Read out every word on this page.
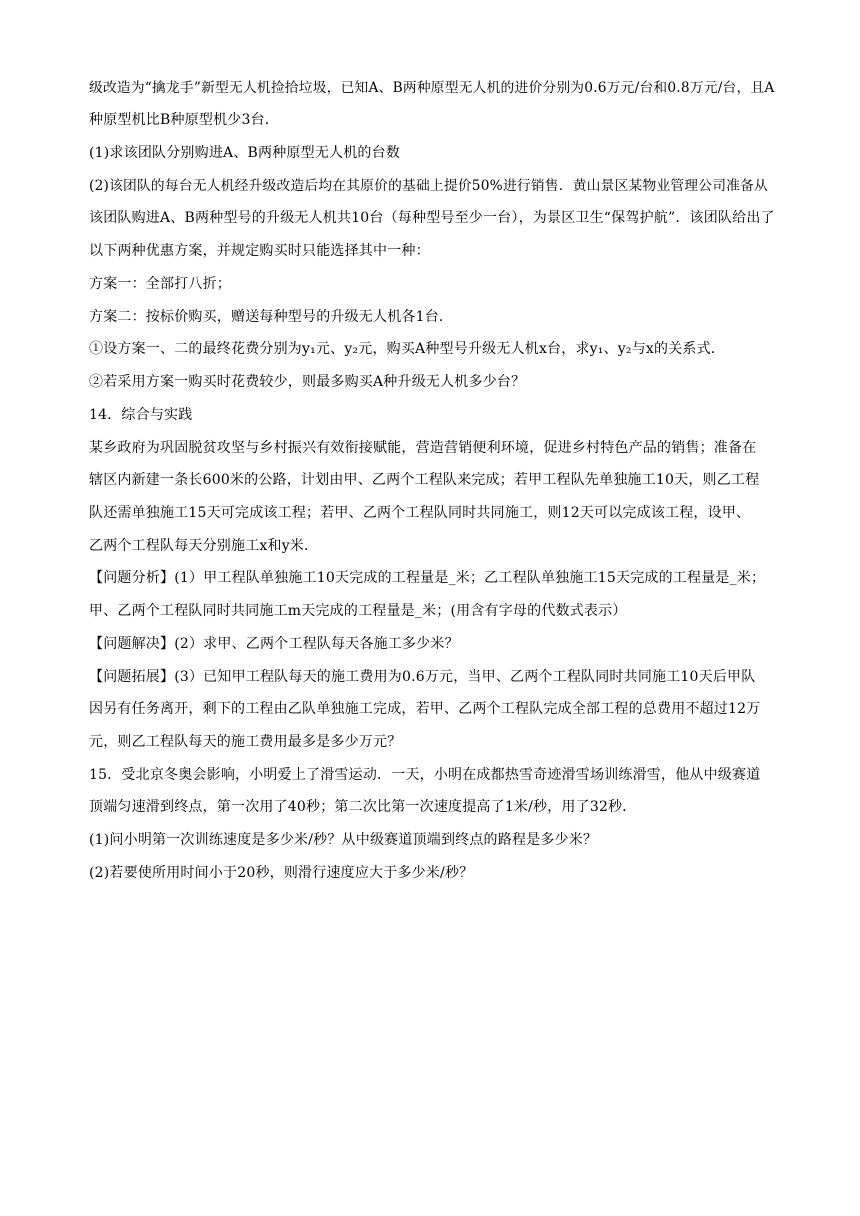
级改造为“擒龙手”新型无人机捡拾垃圾，已知A、B两种原型无人机的进价分别为0.6万元/台和0.8万元/台，且A
种原型机比B种原型机少3台．
(1)求该团队分别购进A、B两种原型无人机的台数
(2)该团队的每台无人机经升级改造后均在其原价的基础上提价50%进行销售．黄山景区某物业管理公司准备从
该团队购进A、B两种型号的升级无人机共10台（每种型号至少一台），为景区卫生“保驾护航”．该团队给出了
以下两种优惠方案，并规定购买时只能选择其中一种：
方案一：全部打八折；
方案二：按标价购买，赠送每种型号的升级无人机各1台．
①设方案一、二的最终花费分别为y₁元、y₂元，购买A种型号升级无人机x台，求y₁、y₂与x的关系式．
②若采用方案一购买时花费较少，则最多购买A种升级无人机多少台？
14．综合与实践
某乡政府为巩固脱贫攻坚与乡村振兴有效衔接赋能，营造营销便利环境，促进乡村特色产品的销售；准备在
辖区内新建一条长600米的公路，计划由甲、乙两个工程队来完成；若甲工程队先单独施工10天，则乙工程
队还需单独施工15天可完成该工程；若甲、乙两个工程队同时共同施工，则12天可以完成该工程，设甲、
乙两个工程队每天分别施工x和y米．
【问题分析】(1）甲工程队单独施工10天完成的工程量是_米；乙工程队单独施工15天完成的工程量是_米；
甲、乙两个工程队同时共同施工m天完成的工程量是_米；(用含有字母的代数式表示）
【问题解决】(2）求甲、乙两个工程队每天各施工多少米？
【问题拓展】(3）已知甲工程队每天的施工费用为0.6万元，当甲、乙两个工程队同时共同施工10天后甲队
因另有任务离开，剩下的工程由乙队单独施工完成，若甲、乙两个工程队完成全部工程的总费用不超过12万
元，则乙工程队每天的施工费用最多是多少万元？
15．受北京冬奥会影响，小明爱上了滑雪运动．一天，小明在成都热雪奇迹滑雪场训练滑雪，他从中级赛道
顶端匀速滑到终点，第一次用了40秒；第二次比第一次速度提高了1米/秒，用了32秒．
(1)问小明第一次训练速度是多少米/秒？从中级赛道顶端到终点的路程是多少米？
(2)若要使所用时间小于20秒，则滑行速度应大于多少米/秒？
